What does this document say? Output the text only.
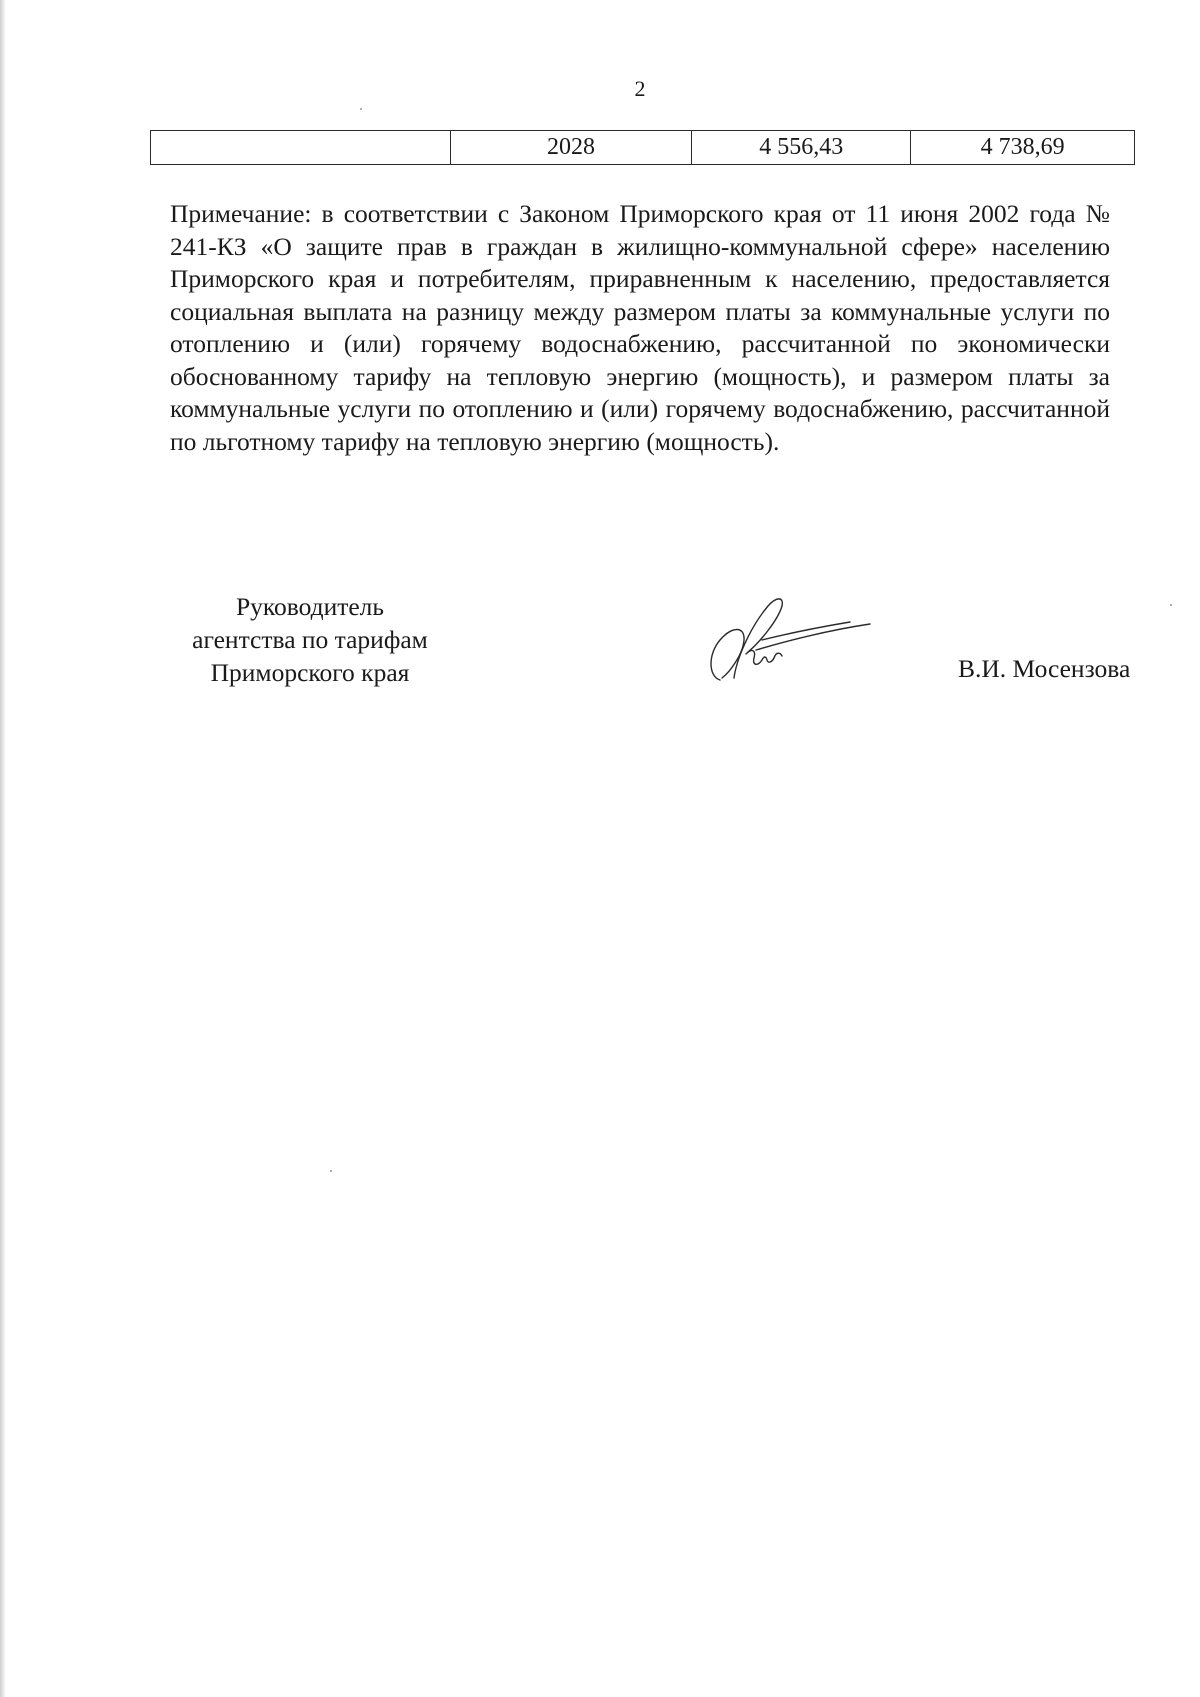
2
	2028	4 556,43	4 738,69

Примечание: в соответствии с Законом Приморского края от 11 июня 2002 года № 241-КЗ «О защите прав в граждан в жилищно-коммунальной сфере» населению Приморского края и потребителям, приравненным к населению, предоставляется социальная выплата на разницу между размером платы за коммунальные услуги по отоплению и (или) горячему водоснабжению, рассчитанной по экономически обоснованному тарифу на тепловую энергию (мощность), и размером платы за коммунальные услуги по отоплению и (или) горячему водоснабжению, рассчитанной по льготному тарифу на тепловую энергию (мощность).

Руководитель
агентства по тарифам
Приморского края	В.И. Мосензова
